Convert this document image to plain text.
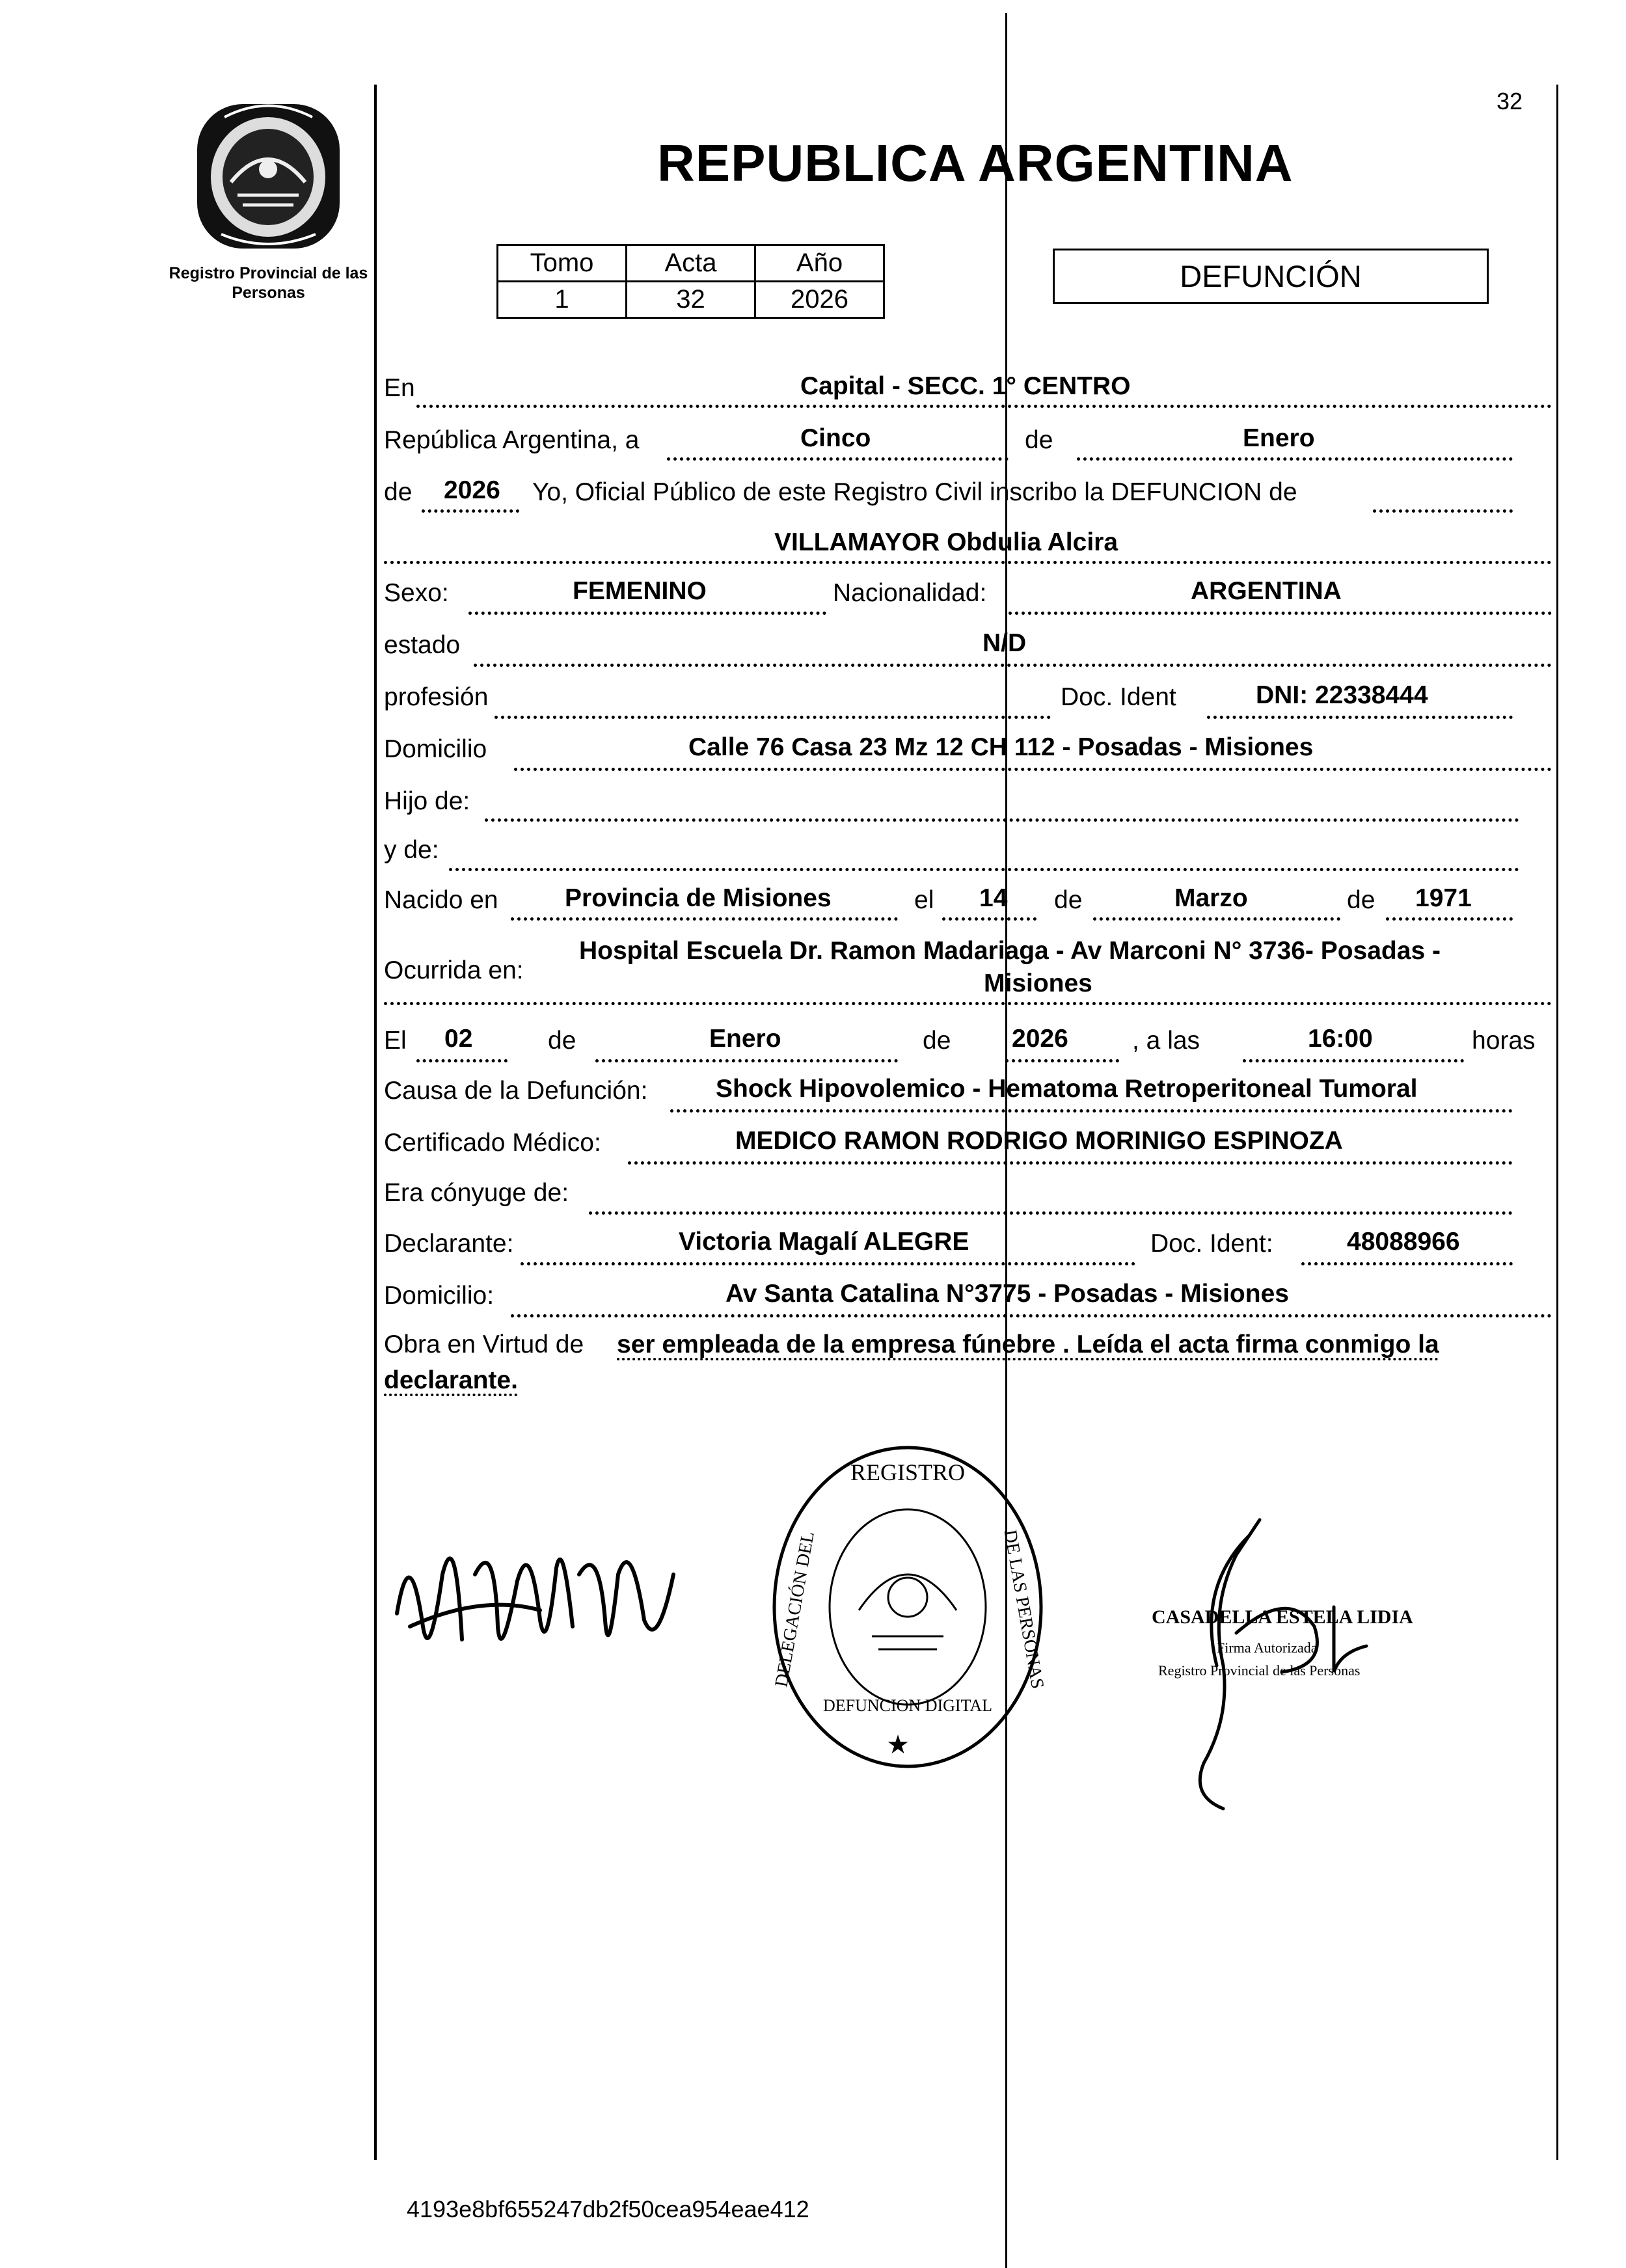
Registro Provincial de las Personas
32
REPUBLICA ARGENTINA
Tomo	Acta	Año
1	32	2026
DEFUNCIÓN
En	Capital - SECC. 1° CENTRO
República Argentina, a	Cinco	de	Enero
de 2026 Yo, Oficial Público de este Registro Civil inscribo la DEFUNCION de
VILLAMAYOR Obdulia Alcira
Sexo:	FEMENINO	Nacionalidad:	ARGENTINA
estado	N/D
profesión	Doc. Ident	DNI: 22338444
Domicilio	Calle 76 Casa 23 Mz 12 CH 112 - Posadas - Misiones
Hijo de:
y de:
Nacido en	Provincia de Misiones	el 14 de	Marzo	de 1971
Ocurrida en:
Hospital Escuela Dr. Ramon Madariaga - Av Marconi N° 3736- Posadas -
Misiones
El 02	de	Enero	de 2026	, a las	16:00	horas
Causa de la Defunción:	Shock Hipovolemico - Hematoma Retroperitoneal Tumoral
Certificado Médico:	MEDICO RAMON RODRIGO MORINIGO ESPINOZA
Era cónyuge de:
Declarante:	Victoria Magalí ALEGRE	Doc. Ident:	48088966
Domicilio:	Av Santa Catalina N°3775 - Posadas - Misiones
Obra en Virtud de ser empleada de la empresa fúnebre . Leída el acta firma conmigo la
declarante.
★
REGISTRO
DEFUNCION DIGITAL
DELEGACIÓN DEL	DE LAS PERSONAS	CASADELLA ESTELA LIDIA
Firma Autorizada
Registro Provincial de las Personas
4193e8bf655247db2f50cea954eae412
